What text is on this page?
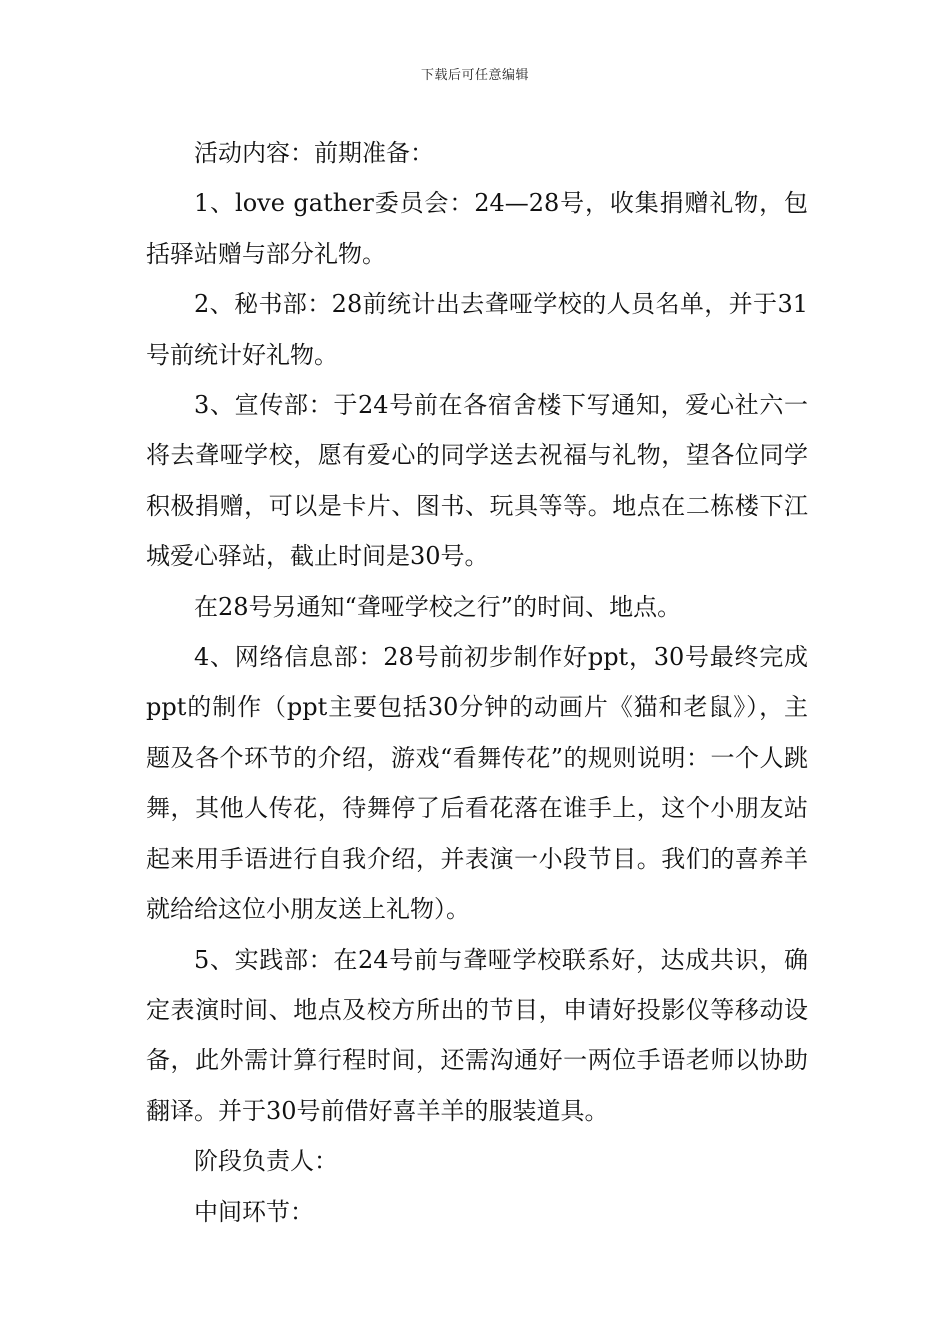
下载后可任意编辑

活动内容：前期准备：

1、love gather委员会：24—28号，收集捐赠礼物，包括驿站赠与部分礼物。

2、秘书部：28前统计出去聋哑学校的人员名单，并于31号前统计好礼物。

3、宣传部：于24号前在各宿舍楼下写通知，爱心社六一将去聋哑学校，愿有爱心的同学送去祝福与礼物，望各位同学积极捐赠，可以是卡片、图书、玩具等等。地点在二栋楼下江城爱心驿站，截止时间是30号。

在28号另通知“聋哑学校之行”的时间、地点。

4、网络信息部：28号前初步制作好ppt，30号最终完成ppt的制作（ppt主要包括30分钟的动画片《猫和老鼠》），主题及各个环节的介绍，游戏“看舞传花”的规则说明：一个人跳舞，其他人传花，待舞停了后看花落在谁手上，这个小朋友站起来用手语进行自我介绍，并表演一小段节目。我们的喜养羊就给给这位小朋友送上礼物）。

5、实践部：在24号前与聋哑学校联系好，达成共识，确定表演时间、地点及校方所出的节目，申请好投影仪等移动设备，此外需计算行程时间，还需沟通好一两位手语老师以协助翻译。并于30号前借好喜羊羊的服装道具。

阶段负责人：

中间环节：
